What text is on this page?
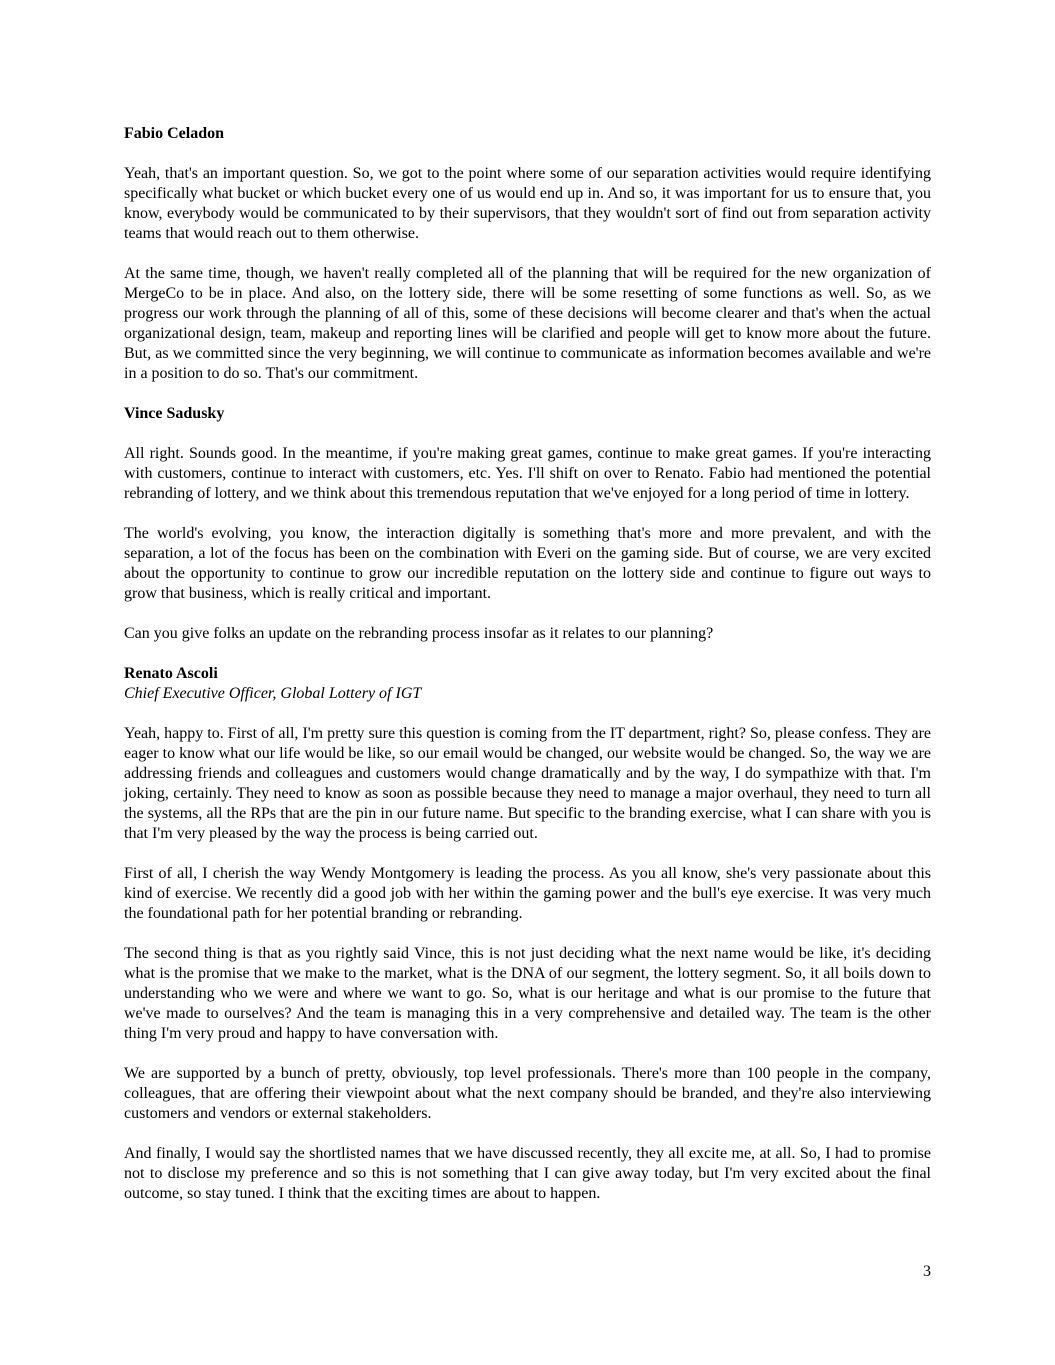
Fabio Celadon

Yeah, that's an important question. So, we got to the point where some of our separation activities would require identifying specifically what bucket or which bucket every one of us would end up in. And so, it was important for us to ensure that, you know, everybody would be communicated to by their supervisors, that they wouldn't sort of find out from separation activity teams that would reach out to them otherwise.

At the same time, though, we haven't really completed all of the planning that will be required for the new organization of MergeCo to be in place. And also, on the lottery side, there will be some resetting of some functions as well. So, as we progress our work through the planning of all of this, some of these decisions will become clearer and that's when the actual organizational design, team, makeup and reporting lines will be clarified and people will get to know more about the future. But, as we committed since the very beginning, we will continue to communicate as information becomes available and we're in a position to do so. That's our commitment.

Vince Sadusky

All right. Sounds good. In the meantime, if you're making great games, continue to make great games. If you're interacting with customers, continue to interact with customers, etc. Yes. I'll shift on over to Renato. Fabio had mentioned the potential rebranding of lottery, and we think about this tremendous reputation that we've enjoyed for a long period of time in lottery.

The world's evolving, you know, the interaction digitally is something that's more and more prevalent, and with the separation, a lot of the focus has been on the combination with Everi on the gaming side. But of course, we are very excited about the opportunity to continue to grow our incredible reputation on the lottery side and continue to figure out ways to grow that business, which is really critical and important.

Can you give folks an update on the rebranding process insofar as it relates to our planning?

Renato Ascoli

Chief Executive Officer, Global Lottery of IGT

Yeah, happy to. First of all, I'm pretty sure this question is coming from the IT department, right? So, please confess. They are eager to know what our life would be like, so our email would be changed, our website would be changed. So, the way we are addressing friends and colleagues and customers would change dramatically and by the way, I do sympathize with that. I'm joking, certainly. They need to know as soon as possible because they need to manage a major overhaul, they need to turn all the systems, all the RPs that are the pin in our future name. But specific to the branding exercise, what I can share with you is that I'm very pleased by the way the process is being carried out.

First of all, I cherish the way Wendy Montgomery is leading the process. As you all know, she's very passionate about this kind of exercise. We recently did a good job with her within the gaming power and the bull's eye exercise. It was very much the foundational path for her potential branding or rebranding.

The second thing is that as you rightly said Vince, this is not just deciding what the next name would be like, it's deciding what is the promise that we make to the market, what is the DNA of our segment, the lottery segment. So, it all boils down to understanding who we were and where we want to go. So, what is our heritage and what is our promise to the future that we've made to ourselves? And the team is managing this in a very comprehensive and detailed way. The team is the other thing I'm very proud and happy to have conversation with.

We are supported by a bunch of pretty, obviously, top level professionals. There's more than 100 people in the company, colleagues, that are offering their viewpoint about what the next company should be branded, and they're also interviewing customers and vendors or external stakeholders.

And finally, I would say the shortlisted names that we have discussed recently, they all excite me, at all. So, I had to promise not to disclose my preference and so this is not something that I can give away today, but I'm very excited about the final outcome, so stay tuned. I think that the exciting times are about to happen.

3
